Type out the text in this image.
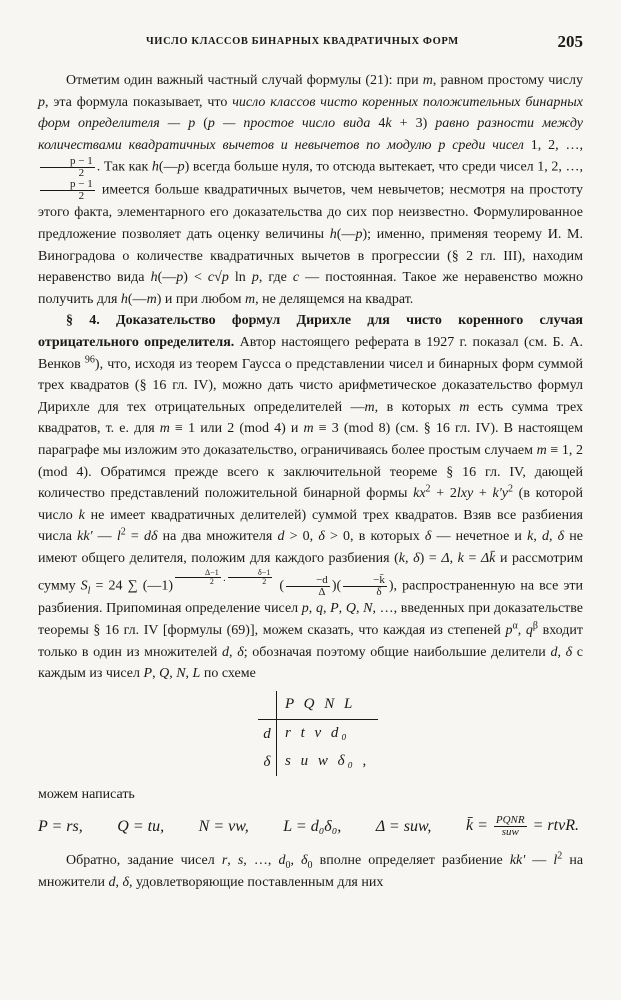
ЧИСЛО КЛАССОВ БИНАРНЫХ КВАДРАТИЧНЫХ ФОРМ	205

Отметим один важный частный случай формулы (21): при m, равном простому числу p, эта формула показывает, что число классов чисто коренных положительных бинарных форм определителя — p (p — простое число вида 4k + 3) равно разности между количествами квадратичных вычетов и невычетов по модулю p среди чисел 1, 2, …,
$\frac{p - 1}{2}$ . Так как h(—p) всегда больше нуля, то отсюда вытекает, что среди чисел 1, 2, …,
$\frac{p - 1}{2}$ имеется больше квадратичных вычетов, чем невычетов; несмотря на простоту этого факта, элементарного его доказательства до сих пор неизвестно. Формулированное предложение позволяет дать оценку величины h(—p); именно, применяя теорему И. М. Виноградова о количестве квадратичных вычетов в прогрессии (§ 2 гл. III), находим неравенство вида h(—p) < c√p ln p, где c — постоянная. Такое же неравенство можно получить для h(—m) и при любом m, не делящемся на квадрат.

§ 4. Доказательство формул Дирихле для чисто коренного случая отрицательного определителя. Автор настоящего реферата в 1927 г. показал (см. Б. А. Венков $^{96}$), что, исходя из теорем Гаусса о представлении чисел и бинарных форм суммой трех квадратов (§ 16 гл. IV), можно дать чисто арифметическое доказательство формул Дирихле для тех отрицательных определителей —m, в которых m есть сумма трех квадратов, т. е. для m ≡ 1 или 2 (mod 4) и m ≡ 3 (mod 8) (см. § 16 гл. IV). В настоящем параграфе мы изложим это доказательство, ограничиваясь более простым случаем m ≡ 1, 2 (mod 4). Обратимся прежде всего к заключительной теореме § 16 гл. IV, дающей количество представлений положительной бинарной формы $kx^2 + 2lxy + k'y^2$ (в которой число k не имеет квадратичных делителей) суммой трех квадратов. Взяв все разбиения числа kk' — $l^2 = d\delta$ на два множителя d > 0, δ > 0, в которых δ — нечетное и k, d, δ не имеют общего делителя, положим для каждого разбиения (k, δ) = Δ, k = Δk̄ и рассмотрим сумму $S_l = 24$ ∑ (—1)
$^{\frac{\Delta-1}{2} \cdot \frac{\delta-1}{2}}$
( $\frac{-d}{\Delta}$ )( $\frac{-k̄}{\delta}$ ), распространенную на все эти разбиения. Припоминая определение чисел p, q, P, Q, N, …, введенных при доказательстве теоремы § 16 гл. IV [формулы (69)], можем сказать, что каждая из степеней $p^\alpha$, $q^\beta$ входит только в один из множителей d, δ; обозначая поэтому общие наибольшие делители d, δ с каждым из чисел P, Q, N, L по схеме

P Q N L
d r t v d₀
δ s u w δ₀ ,

можем написать

P = rs, Q = tu, N = vw, L = d₀δ₀, Δ = suw, k̄ = $\frac{\text{PQNR}}{\text{suw}}$ = rtvR.

Обратно, задание чисел r, s, …, $d_0$, $\delta_0$ вполне определяет разбиение kk' — $l^2$ на множители d, δ, удовлетворяющие поставленным для них
